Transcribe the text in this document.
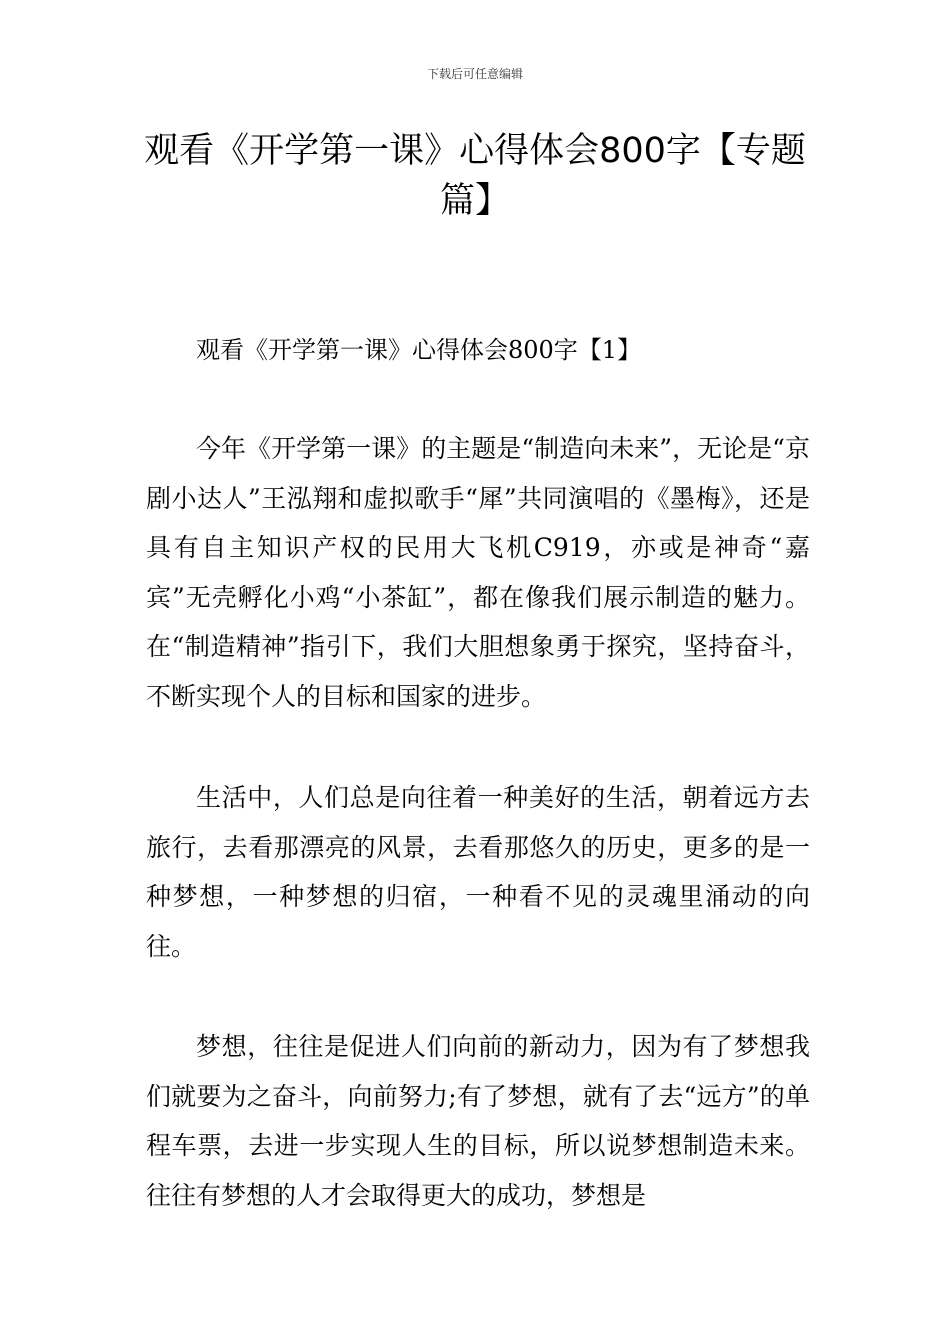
下载后可任意编辑
观看《开学第一课》心得体会800字【专题篇】
观看《开学第一课》心得体会800字【1】

今年《开学第一课》的主题是“制造向未来”，无论是“京剧小达人”王泓翔和虚拟歌手“犀”共同演唱的《墨梅》，还是具有自主知识产权的民用大飞机C919，亦或是神奇“嘉宾”无壳孵化小鸡“小茶缸”，都在像我们展示制造的魅力。在“制造精神”指引下，我们大胆想象勇于探究，坚持奋斗，不断实现个人的目标和国家的进步。

生活中，人们总是向往着一种美好的生活，朝着远方去旅行，去看那漂亮的风景，去看那悠久的历史，更多的是一种梦想，一种梦想的归宿，一种看不见的灵魂里涌动的向往。

梦想，往往是促进人们向前的新动力，因为有了梦想我们就要为之奋斗，向前努力;有了梦想，就有了去“远方”的单程车票，去进一步实现人生的目标，所以说梦想制造未来。往往有梦想的人才会取得更大的成功，梦想是
